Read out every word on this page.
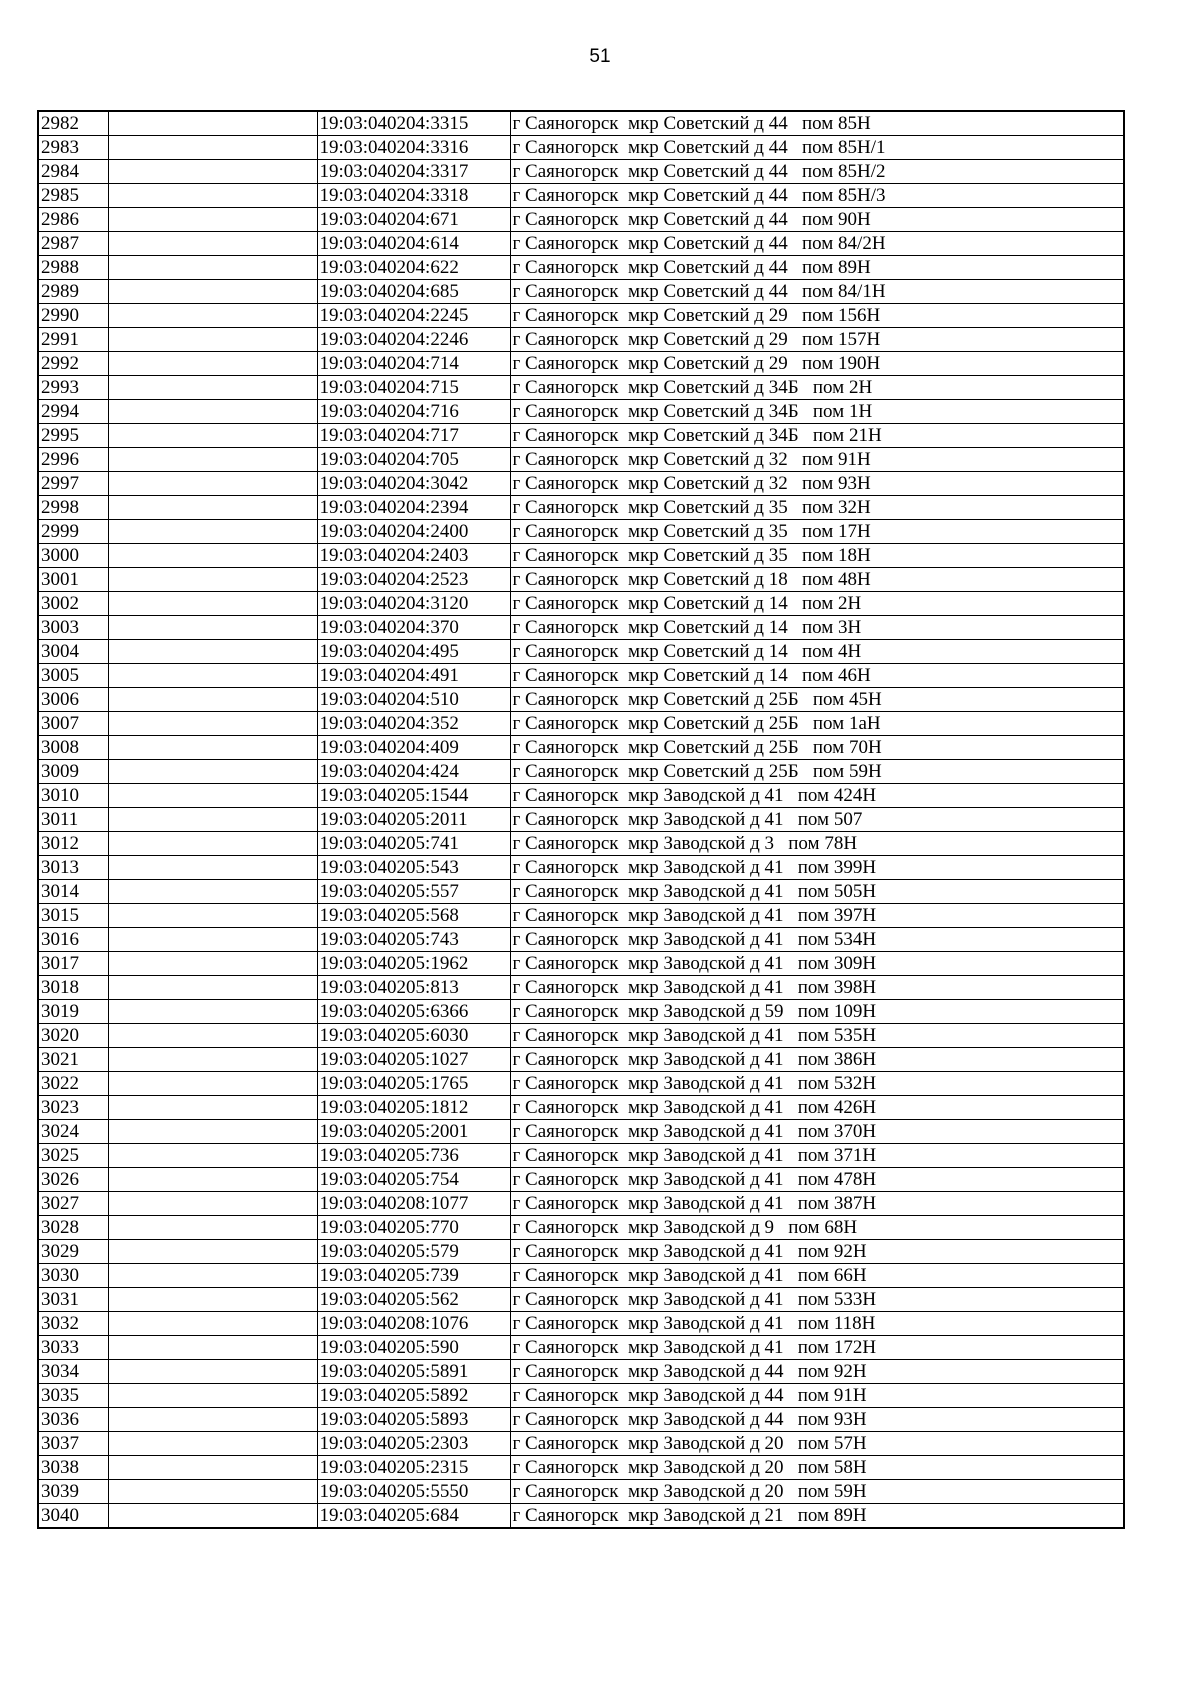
51
2982		19:03:040204:3315	г Саяногорск  мкр Советский д 44   пом 85Н
2983		19:03:040204:3316	г Саяногорск  мкр Советский д 44   пом 85Н/1
2984		19:03:040204:3317	г Саяногорск  мкр Советский д 44   пом 85Н/2
2985		19:03:040204:3318	г Саяногорск  мкр Советский д 44   пом 85Н/3
2986		19:03:040204:671	г Саяногорск  мкр Советский д 44   пом 90Н
2987		19:03:040204:614	г Саяногорск  мкр Советский д 44   пом 84/2Н
2988		19:03:040204:622	г Саяногорск  мкр Советский д 44   пом 89Н
2989		19:03:040204:685	г Саяногорск  мкр Советский д 44   пом 84/1Н
2990		19:03:040204:2245	г Саяногорск  мкр Советский д 29   пом 156Н
2991		19:03:040204:2246	г Саяногорск  мкр Советский д 29   пом 157Н
2992		19:03:040204:714	г Саяногорск  мкр Советский д 29   пом 190Н
2993		19:03:040204:715	г Саяногорск  мкр Советский д 34Б   пом 2Н
2994		19:03:040204:716	г Саяногорск  мкр Советский д 34Б   пом 1Н
2995		19:03:040204:717	г Саяногорск  мкр Советский д 34Б   пом 21Н
2996		19:03:040204:705	г Саяногорск  мкр Советский д 32   пом 91Н
2997		19:03:040204:3042	г Саяногорск  мкр Советский д 32   пом 93Н
2998		19:03:040204:2394	г Саяногорск  мкр Советский д 35   пом 32Н
2999		19:03:040204:2400	г Саяногорск  мкр Советский д 35   пом 17Н
3000		19:03:040204:2403	г Саяногорск  мкр Советский д 35   пом 18Н
3001		19:03:040204:2523	г Саяногорск  мкр Советский д 18   пом 48Н
3002		19:03:040204:3120	г Саяногорск  мкр Советский д 14   пом 2Н
3003		19:03:040204:370	г Саяногорск  мкр Советский д 14   пом 3Н
3004		19:03:040204:495	г Саяногорск  мкр Советский д 14   пом 4Н
3005		19:03:040204:491	г Саяногорск  мкр Советский д 14   пом 46Н
3006		19:03:040204:510	г Саяногорск  мкр Советский д 25Б   пом 45Н
3007		19:03:040204:352	г Саяногорск  мкр Советский д 25Б   пом 1аН
3008		19:03:040204:409	г Саяногорск  мкр Советский д 25Б   пом 70Н
3009		19:03:040204:424	г Саяногорск  мкр Советский д 25Б   пом 59Н
3010		19:03:040205:1544	г Саяногорск  мкр Заводской д 41   пом 424Н
3011		19:03:040205:2011	г Саяногорск  мкр Заводской д 41   пом 507
3012		19:03:040205:741	г Саяногорск  мкр Заводской д 3   пом 78Н
3013		19:03:040205:543	г Саяногорск  мкр Заводской д 41   пом 399Н
3014		19:03:040205:557	г Саяногорск  мкр Заводской д 41   пом 505Н
3015		19:03:040205:568	г Саяногорск  мкр Заводской д 41   пом 397Н
3016		19:03:040205:743	г Саяногорск  мкр Заводской д 41   пом 534Н
3017		19:03:040205:1962	г Саяногорск  мкр Заводской д 41   пом 309Н
3018		19:03:040205:813	г Саяногорск  мкр Заводской д 41   пом 398Н
3019		19:03:040205:6366	г Саяногорск  мкр Заводской д 59   пом 109Н
3020		19:03:040205:6030	г Саяногорск  мкр Заводской д 41   пом 535Н
3021		19:03:040205:1027	г Саяногорск  мкр Заводской д 41   пом 386Н
3022		19:03:040205:1765	г Саяногорск  мкр Заводской д 41   пом 532Н
3023		19:03:040205:1812	г Саяногорск  мкр Заводской д 41   пом 426Н
3024		19:03:040205:2001	г Саяногорск  мкр Заводской д 41   пом 370Н
3025		19:03:040205:736	г Саяногорск  мкр Заводской д 41   пом 371Н
3026		19:03:040205:754	г Саяногорск  мкр Заводской д 41   пом 478Н
3027		19:03:040208:1077	г Саяногорск  мкр Заводской д 41   пом 387Н
3028		19:03:040205:770	г Саяногорск  мкр Заводской д 9   пом 68Н
3029		19:03:040205:579	г Саяногорск  мкр Заводской д 41   пом 92Н
3030		19:03:040205:739	г Саяногорск  мкр Заводской д 41   пом 66Н
3031		19:03:040205:562	г Саяногорск  мкр Заводской д 41   пом 533Н
3032		19:03:040208:1076	г Саяногорск  мкр Заводской д 41   пом 118Н
3033		19:03:040205:590	г Саяногорск  мкр Заводской д 41   пом 172Н
3034		19:03:040205:5891	г Саяногорск  мкр Заводской д 44   пом 92Н
3035		19:03:040205:5892	г Саяногорск  мкр Заводской д 44   пом 91Н
3036		19:03:040205:5893	г Саяногорск  мкр Заводской д 44   пом 93Н
3037		19:03:040205:2303	г Саяногорск  мкр Заводской д 20   пом 57Н
3038		19:03:040205:2315	г Саяногорск  мкр Заводской д 20   пом 58Н
3039		19:03:040205:5550	г Саяногорск  мкр Заводской д 20   пом 59Н
3040		19:03:040205:684	г Саяногорск  мкр Заводской д 21   пом 89Н
